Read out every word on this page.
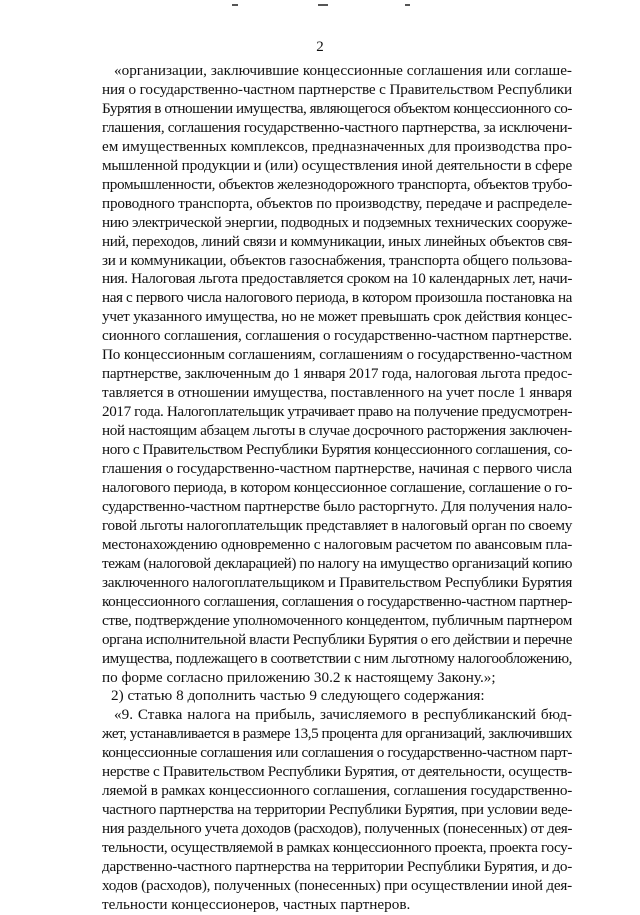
2
«организации, заключившие концессионные соглашения или соглаше-
ния о государственно-частном партнерстве с Правительством Республики
Бурятия в отношении имущества, являющегося объектом концессионного со-
глашения, соглашения государственно-частного партнерства, за исключени-
ем имущественных комплексов, предназначенных для производства про-
мышленной продукции и (или) осуществления иной деятельности в сфере
промышленности, объектов железнодорожного транспорта, объектов трубо-
проводного транспорта, объектов по производству, передаче и распределе-
нию электрической энергии, подводных и подземных технических сооруже-
ний, переходов, линий связи и коммуникации, иных линейных объектов свя-
зи и коммуникации, объектов газоснабжения, транспорта общего пользова-
ния. Налоговая льгота предоставляется сроком на 10 календарных лет, начи-
ная с первого числа налогового периода, в котором произошла постановка на
учет указанного имущества, но не может превышать срок действия концес-
сионного соглашения, соглашения о государственно-частном партнерстве.
По концессионным соглашениям, соглашениям о государственно-частном
партнерстве, заключенным до 1 января 2017 года, налоговая льгота предос-
тавляется в отношении имущества, поставленного на учет после 1 января
2017 года. Налогоплательщик утрачивает право на получение предусмотрен-
ной настоящим абзацем льготы в случае досрочного расторжения заключен-
ного с Правительством Республики Бурятия концессионного соглашения, со-
глашения о государственно-частном партнерстве, начиная с первого числа
налогового периода, в котором концессионное соглашение, соглашение о го-
сударственно-частном партнерстве было расторгнуто. Для получения нало-
говой льготы налогоплательщик представляет в налоговый орган по своему
местонахождению одновременно с налоговым расчетом по авансовым пла-
тежам (налоговой декларацией) по налогу на имущество организаций копию
заключенного налогоплательщиком и Правительством Республики Бурятия
концессионного соглашения, соглашения о государственно-частном партнер-
стве, подтверждение уполномоченного концедентом, публичным партнером
органа исполнительной власти Республики Бурятия о его действии и перечне
имущества, подлежащего в соответствии с ним льготному налогообложению,
по форме согласно приложению 30.2 к настоящему Закону.»;
2) статью 8 дополнить частью 9 следующего содержания:
«9. Ставка налога на прибыль, зачисляемого в республиканский бюд-
жет, устанавливается в размере 13,5 процента для организаций, заключивших
концессионные соглашения или соглашения о государственно-частном парт-
нерстве с Правительством Республики Бурятия, от деятельности, осуществ-
ляемой в рамках концессионного соглашения, соглашения государственно-
частного партнерства на территории Республики Бурятия, при условии веде-
ния раздельного учета доходов (расходов), полученных (понесенных) от дея-
тельности, осуществляемой в рамках концессионного проекта, проекта госу-
дарственно-частного партнерства на территории Республики Бурятия, и до-
ходов (расходов), полученных (понесенных) при осуществлении иной дея-
тельности концессионеров, частных партнеров.
